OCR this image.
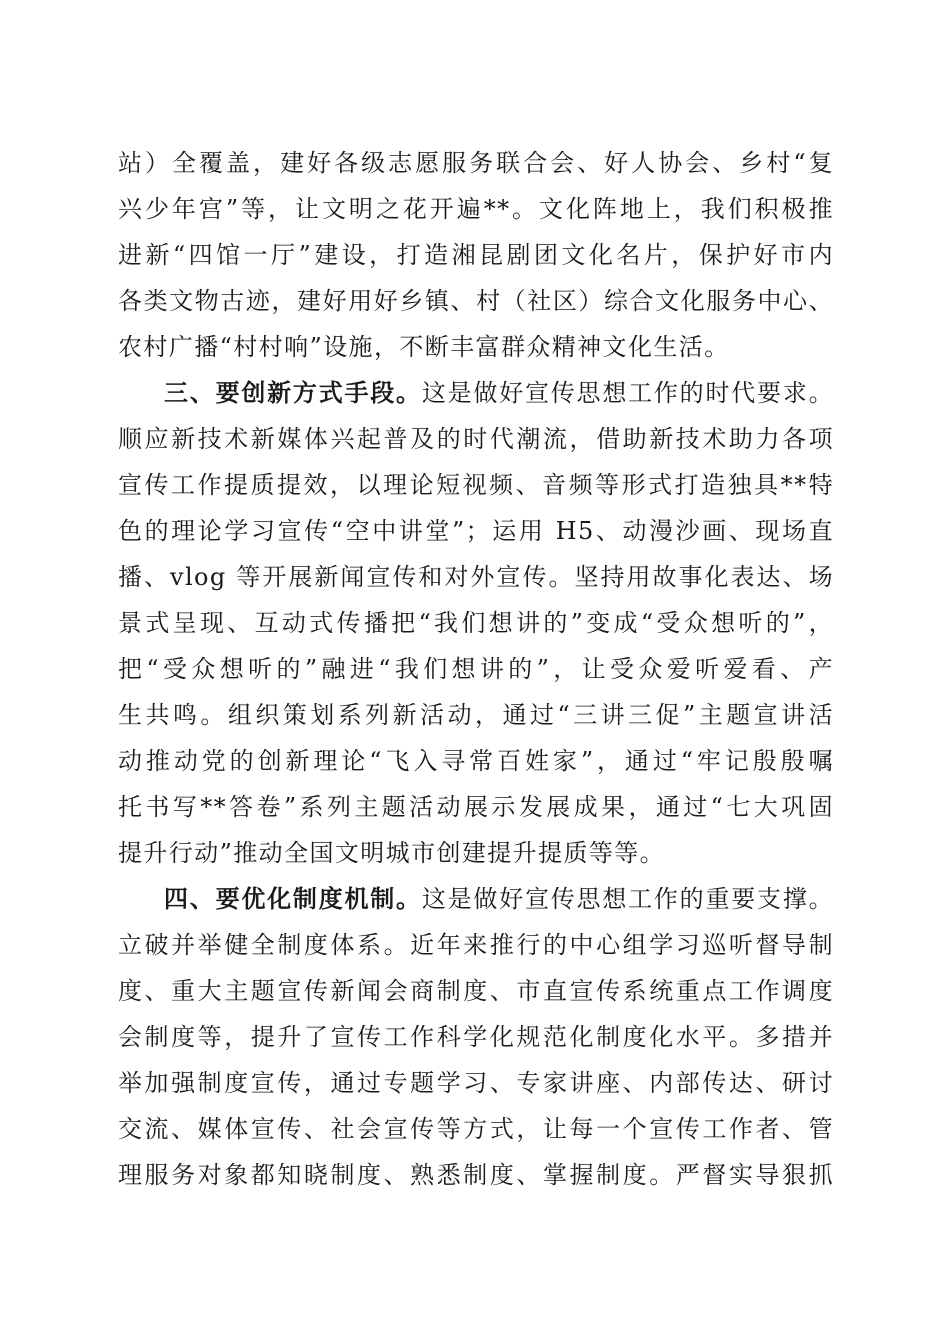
站）全覆盖，建好各级志愿服务联合会、好人协会、乡村“复
兴少年宫”等，让文明之花开遍**。文化阵地上，我们积极推
进新“四馆一厅”建设，打造湘昆剧团文化名片，保护好市内
各类文物古迹，建好用好乡镇、村（社区）综合文化服务中心、
农村广播“村村响”设施，不断丰富群众精神文化生活。
三、要创新方式手段。这是做好宣传思想工作的时代要求。
顺应新技术新媒体兴起普及的时代潮流，借助新技术助力各项
宣传工作提质提效，以理论短视频、音频等形式打造独具**特
色的理论学习宣传“空中讲堂”；运用 H5、动漫沙画、现场直
播、vlog 等开展新闻宣传和对外宣传。坚持用故事化表达、场
景式呈现、互动式传播把“我们想讲的”变成“受众想听的”，
把“受众想听的”融进“我们想讲的”，让受众爱听爱看、产
生共鸣。组织策划系列新活动，通过“三讲三促”主题宣讲活
动推动党的创新理论“飞入寻常百姓家”，通过“牢记殷殷嘱
托书写**答卷”系列主题活动展示发展成果，通过“七大巩固
提升行动”推动全国文明城市创建提升提质等等。
四、要优化制度机制。这是做好宣传思想工作的重要支撑。
立破并举健全制度体系。近年来推行的中心组学习巡听督导制
度、重大主题宣传新闻会商制度、市直宣传系统重点工作调度
会制度等，提升了宣传工作科学化规范化制度化水平。多措并
举加强制度宣传，通过专题学习、专家讲座、内部传达、研讨
交流、媒体宣传、社会宣传等方式，让每一个宣传工作者、管
理服务对象都知晓制度、熟悉制度、掌握制度。严督实导狠抓
